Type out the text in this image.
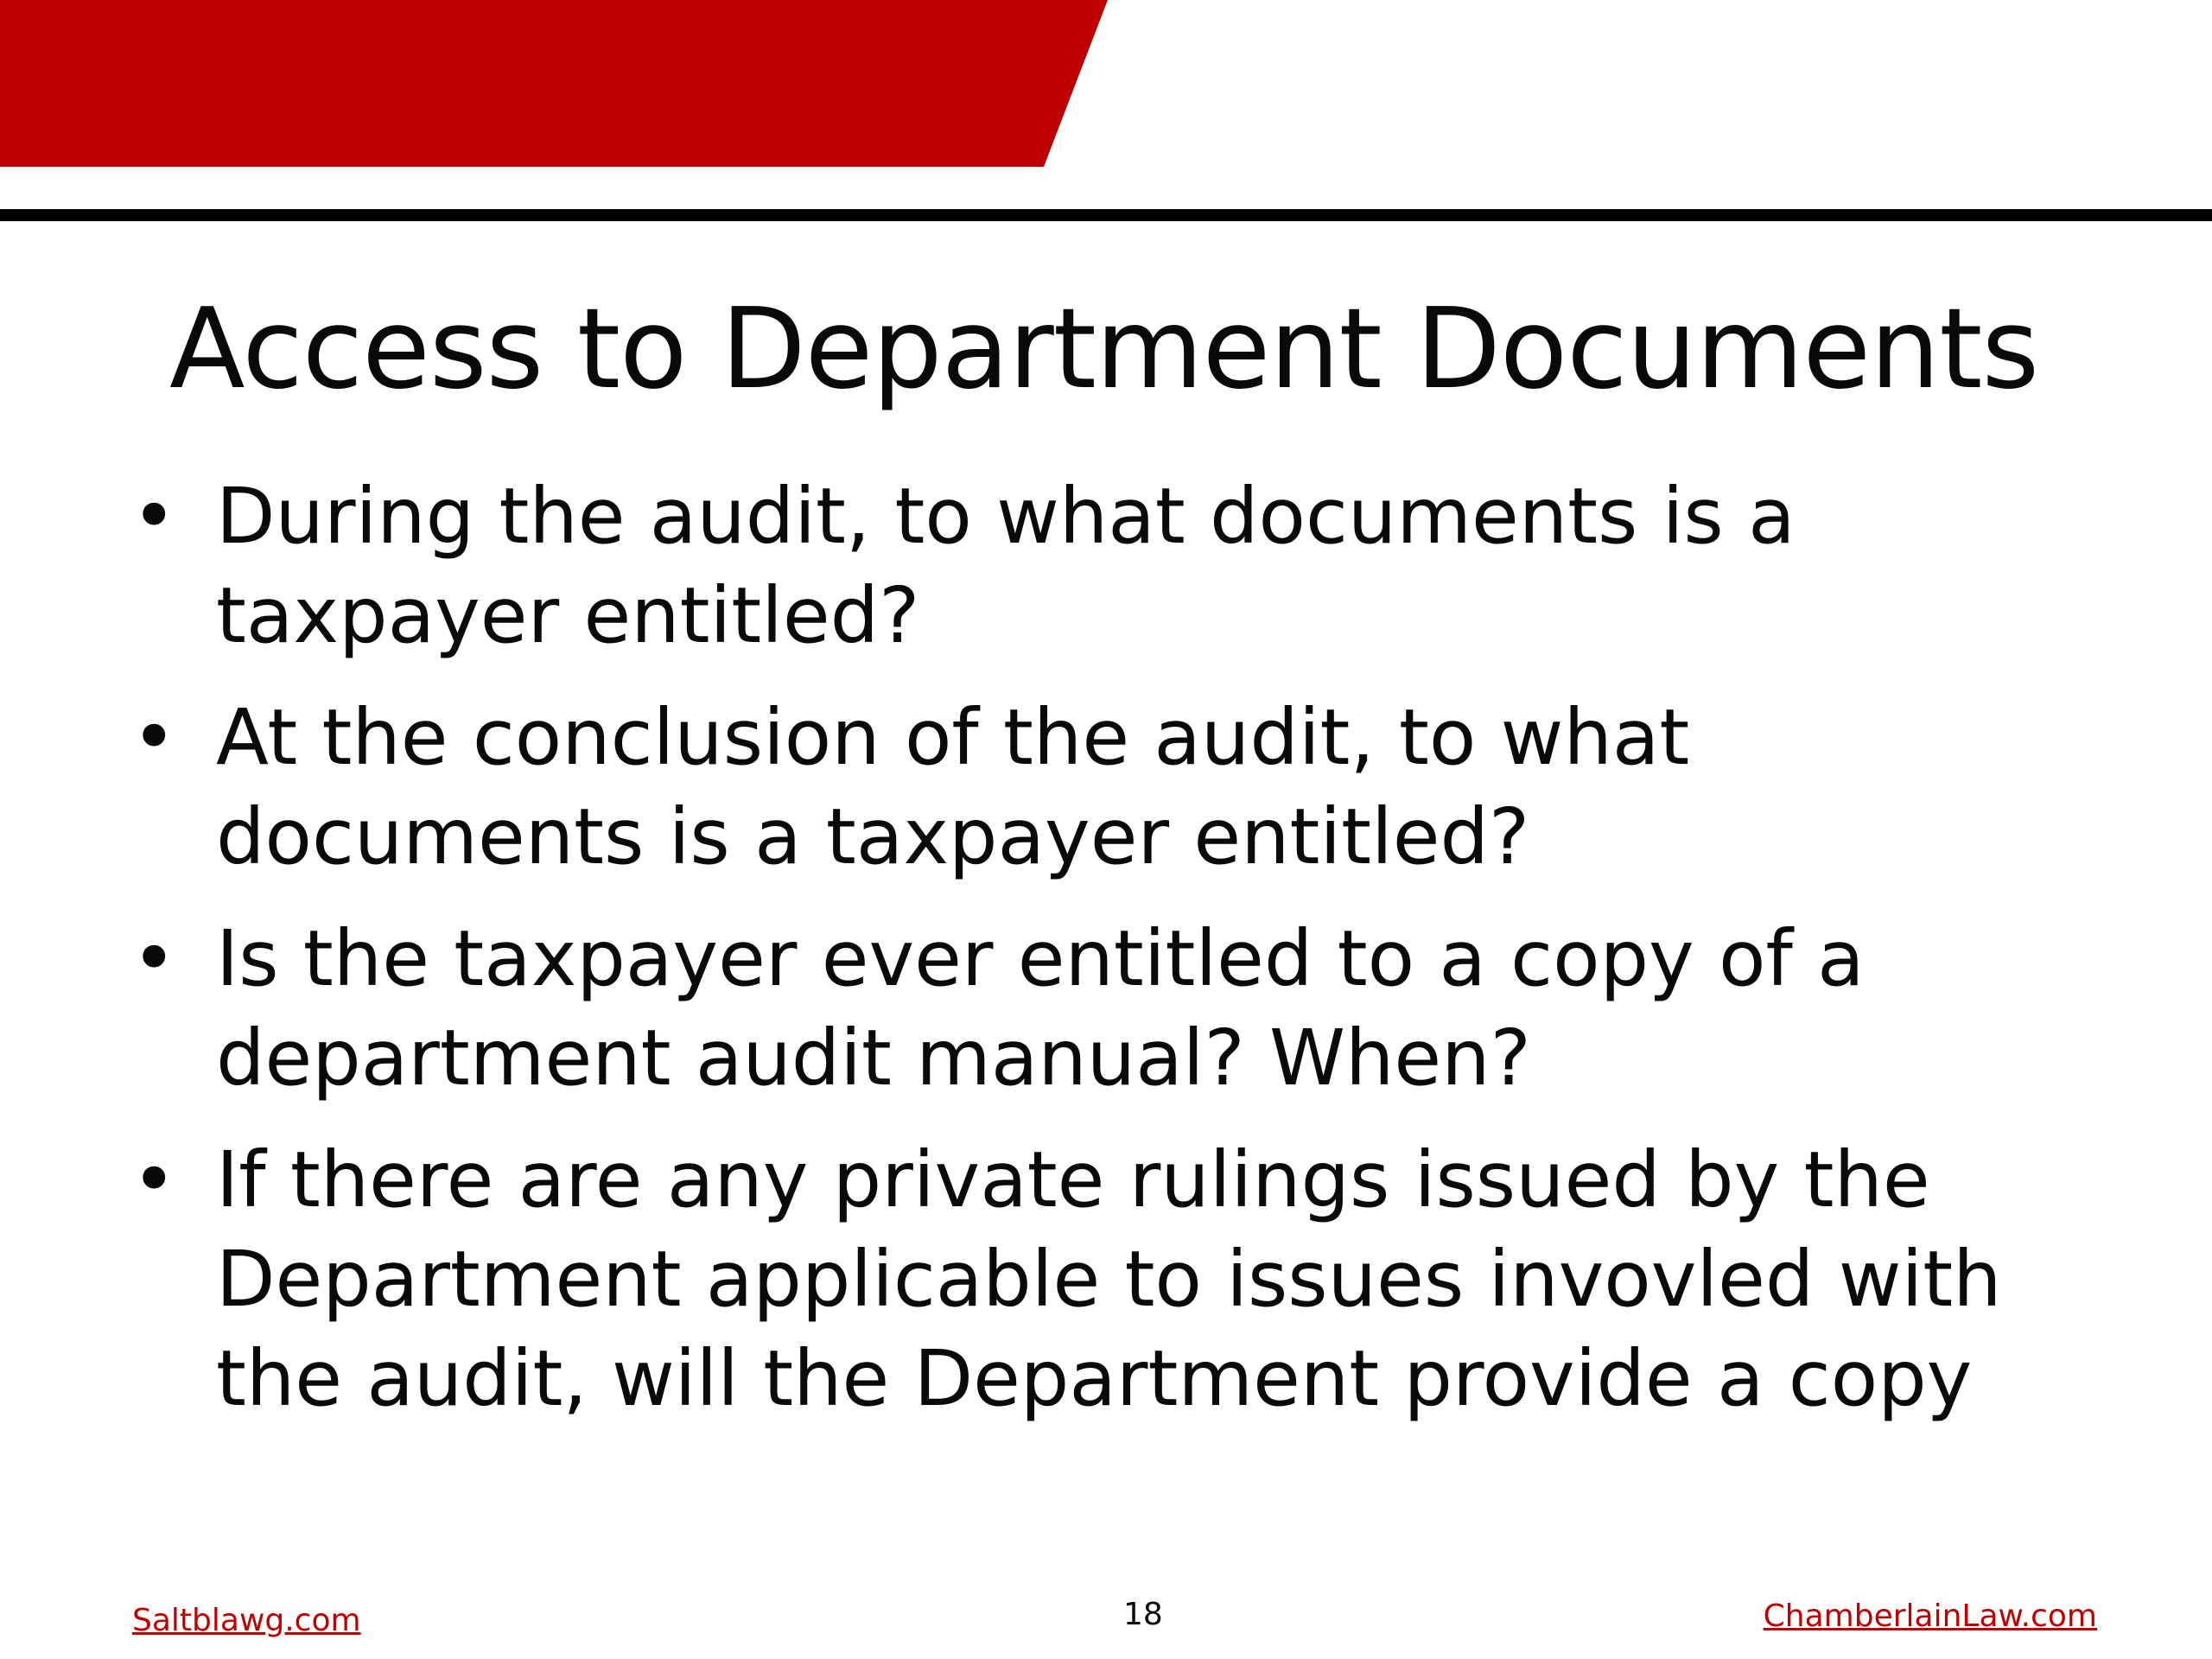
Access to Department Documents
• During the audit, to what documents is a
taxpayer entitled?
• At the conclusion of the audit, to what
documents is a taxpayer entitled?
• Is the taxpayer ever entitled to a copy of a
department audit manual? When?
• If there are any private rulings issued by the
Department applicable to issues invovled with
the audit, will the Department provide a copy
Saltblawg.com	18	ChamberlainLaw.com
